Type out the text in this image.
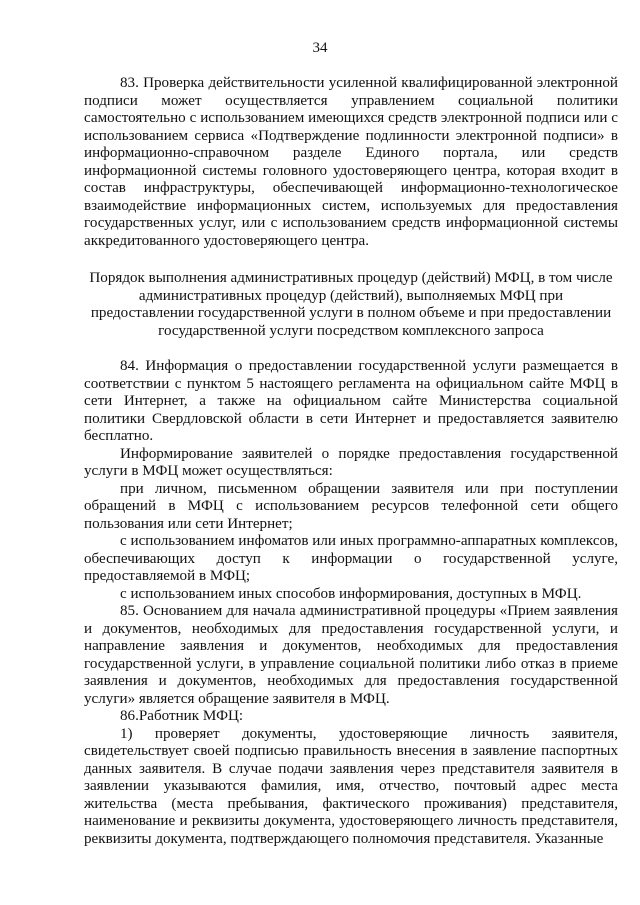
34

83. Проверка действительности усиленной квалифицированной электронной подписи может осуществляется управлением социальной политики самостоятельно с использованием имеющихся средств электронной подписи или с использованием сервиса «Подтверждение подлинности электронной подписи» в информационно-справочном разделе Единого портала, или средств информационной системы головного удостоверяющего центра, которая входит в состав инфраструктуры, обеспечивающей информационно-технологическое взаимодействие информационных систем, используемых для предоставления государственных услуг, или с использованием средств информационной системы аккредитованного удостоверяющего центра.

Порядок выполнения административных процедур (действий) МФЦ, в том числе административных процедур (действий), выполняемых МФЦ при предоставлении государственной услуги в полном объеме и при предоставлении государственной услуги посредством комплексного запроса

84. Информация о предоставлении государственной услуги размещается в соответствии с пунктом 5 настоящего регламента на официальном сайте МФЦ в сети Интернет, а также на официальном сайте Министерства социальной политики Свердловской области в сети Интернет и предоставляется заявителю бесплатно.

Информирование заявителей о порядке предоставления государственной услуги в МФЦ может осуществляться:

при личном, письменном обращении заявителя или при поступлении обращений в МФЦ с использованием ресурсов телефонной сети общего пользования или сети Интернет;

с использованием инфоматов или иных программно-аппаратных комплексов, обеспечивающих доступ к информации о государственной услуге, предоставляемой в МФЦ;

с использованием иных способов информирования, доступных в МФЦ.

85. Основанием для начала административной процедуры «Прием заявления и документов, необходимых для предоставления государственной услуги, и направление заявления и документов, необходимых для предоставления государственной услуги, в управление социальной политики либо отказ в приеме заявления и документов, необходимых для предоставления государственной услуги» является обращение заявителя в МФЦ.

86.Работник МФЦ:

1) проверяет документы, удостоверяющие личность заявителя, свидетельствует своей подписью правильность внесения в заявление паспортных данных заявителя. В случае подачи заявления через представителя заявителя в заявлении указываются фамилия, имя, отчество, почтовый адрес места жительства (места пребывания, фактического проживания) представителя, наименование и реквизиты документа, удостоверяющего личность представителя, реквизиты документа, подтверждающего полномочия представителя. Указанные
